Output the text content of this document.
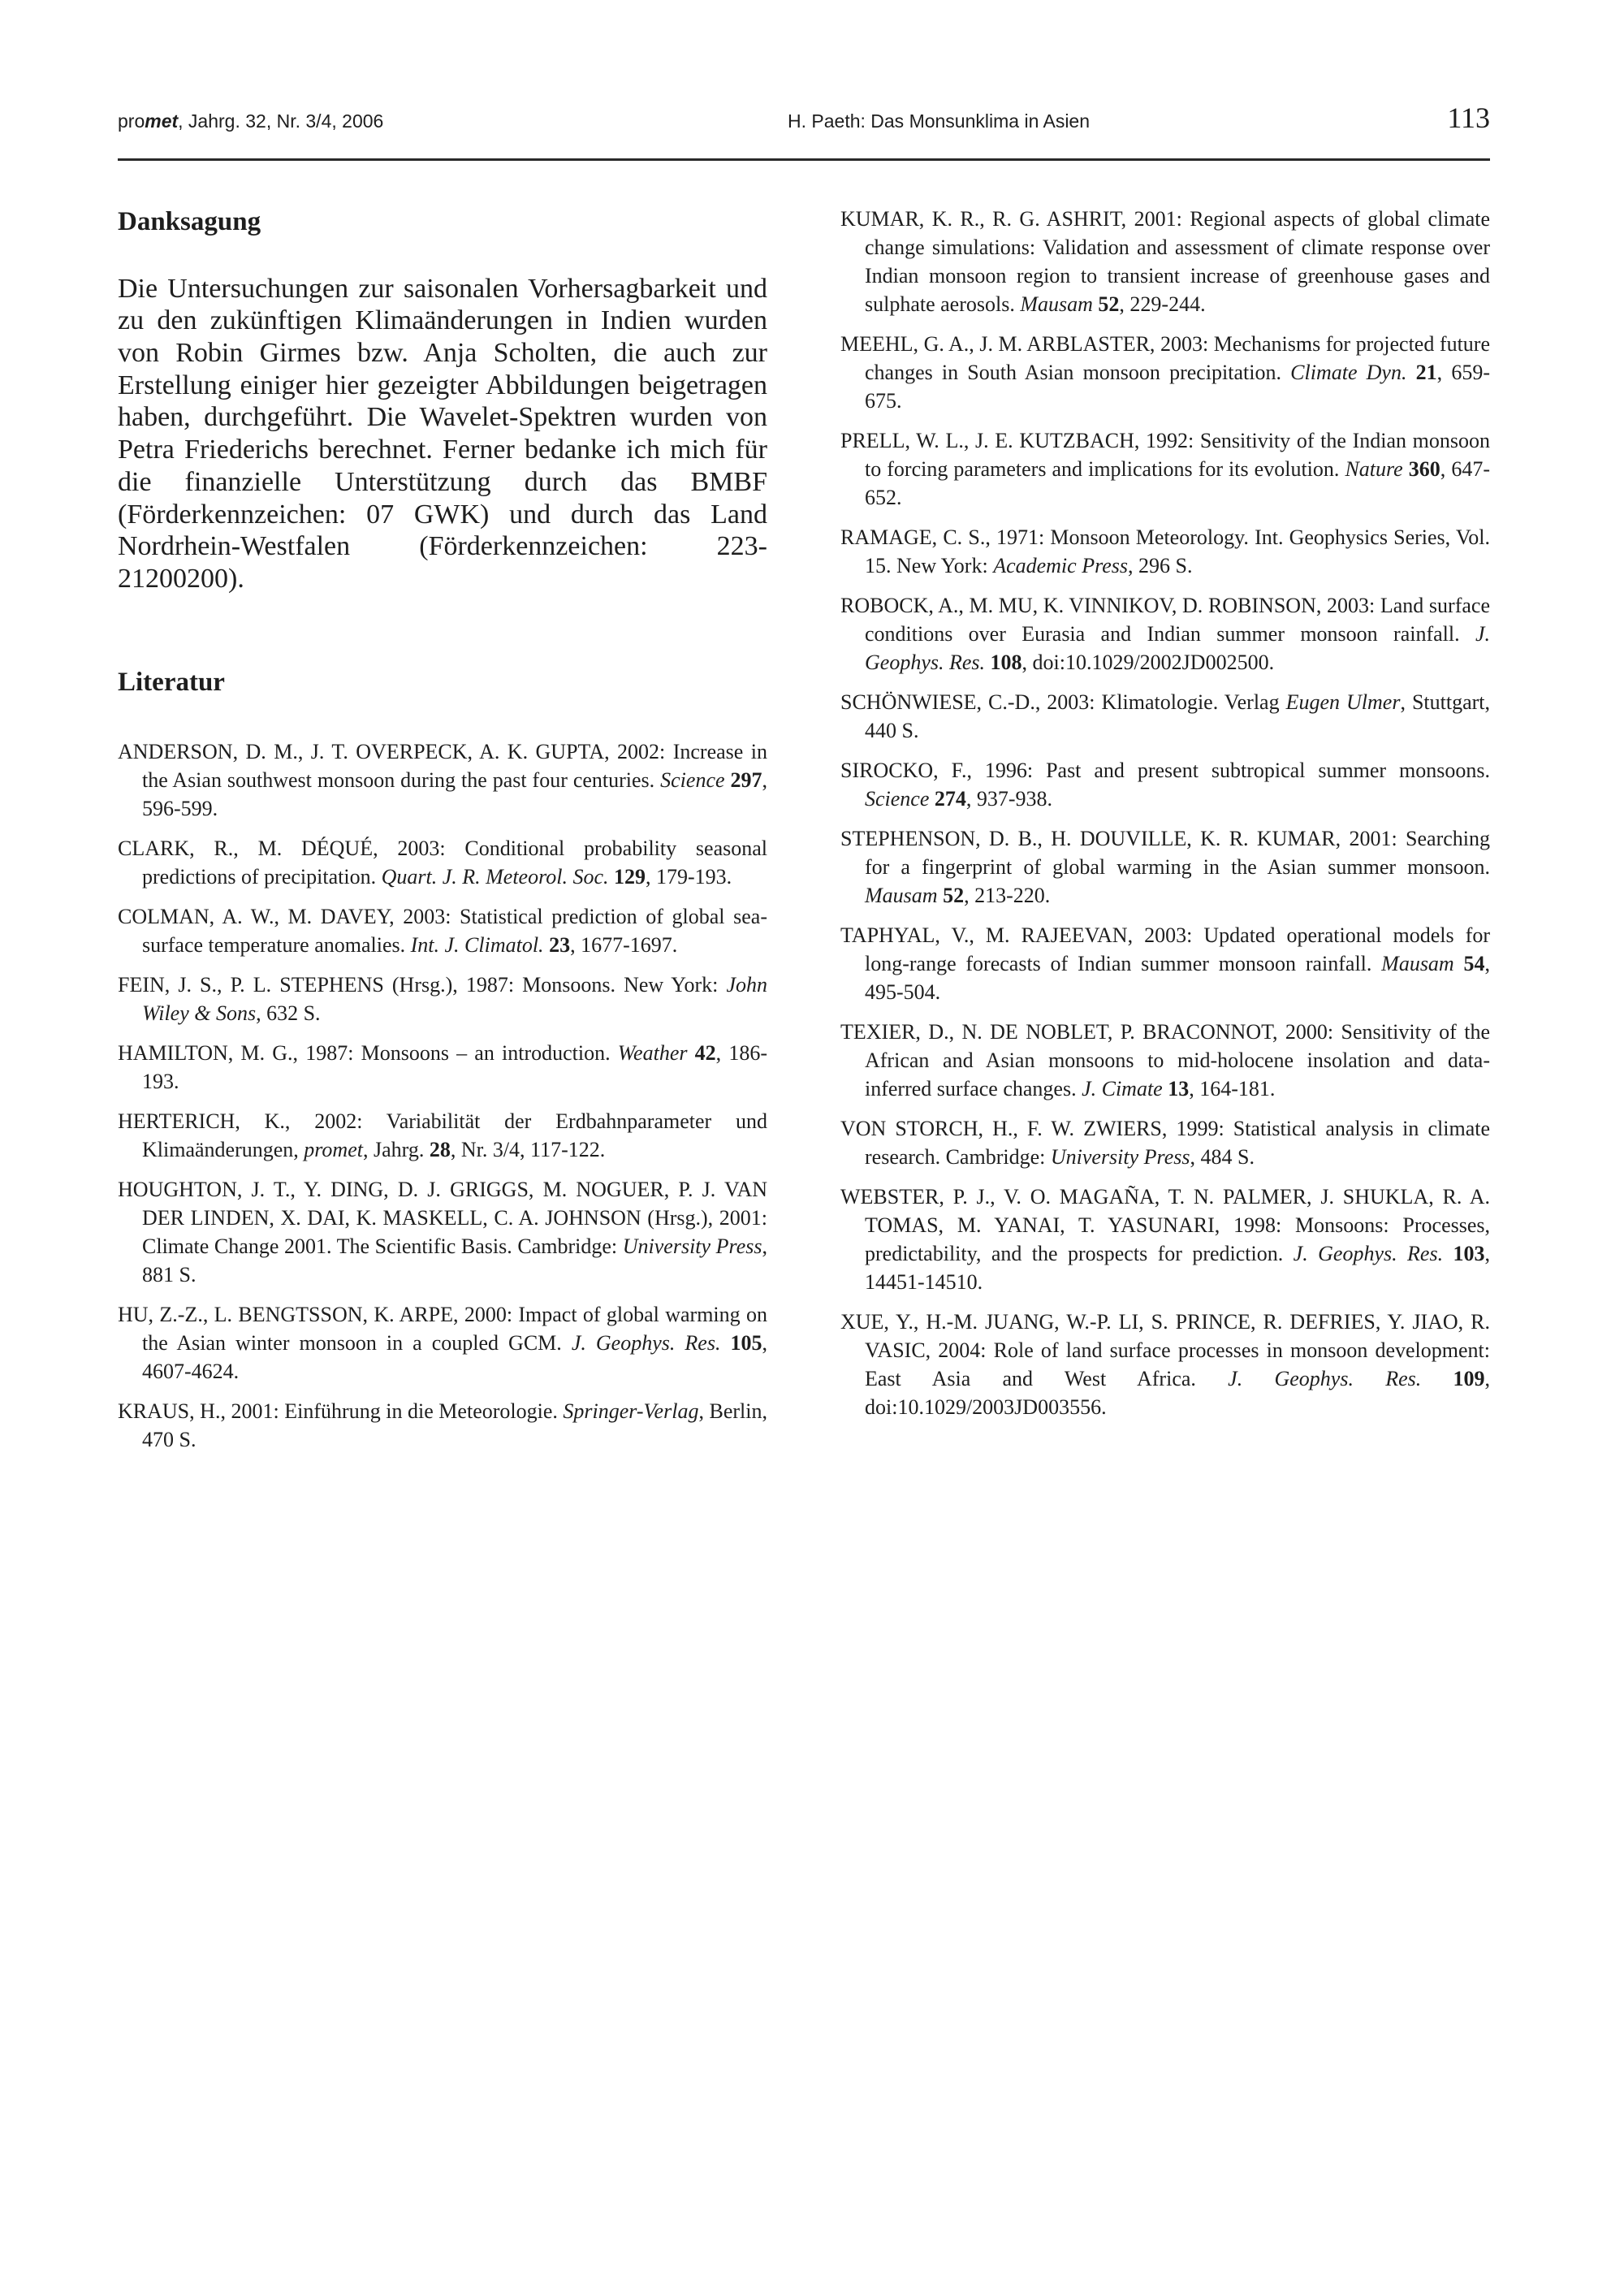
promet, Jahrg. 32, Nr. 3/4, 2006	H. Paeth: Das Monsunklima in Asien	113
Danksagung

Die Untersuchungen zur saisonalen Vorhersagbarkeit und zu den zukünftigen Klimaänderungen in Indien wurden von Robin Girmes bzw. Anja Scholten, die auch zur Erstellung einiger hier gezeigter Abbildungen beigetragen haben, durchgeführt. Die Wavelet-Spektren wurden von Petra Friederichs berechnet. Ferner bedanke ich mich für die finanzielle Unterstützung durch das BMBF (Förderkennzeichen: 07 GWK) und durch das Land Nordrhein-Westfalen (Förderkennzeichen: 223-21200200).

Literatur

ANDERSON, D. M., J. T. OVERPECK, A. K. GUPTA, 2002: Increase in the Asian southwest monsoon during the past four centuries. Science 297, 596-599.

CLARK, R., M. DÉQUÉ, 2003: Conditional probability seasonal predictions of precipitation. Quart. J. R. Meteorol. Soc. 129, 179-193.

COLMAN, A. W., M. DAVEY, 2003: Statistical prediction of global sea-surface temperature anomalies. Int. J. Climatol. 23, 1677-1697.

FEIN, J. S., P. L. STEPHENS (Hrsg.), 1987: Monsoons. New York: John Wiley & Sons, 632 S.

HAMILTON, M. G., 1987: Monsoons – an introduction. Weather 42, 186-193.

HERTERICH, K., 2002: Variabilität der Erdbahnparameter und Klimaänderungen, promet, Jahrg. 28, Nr. 3/4, 117-122.

HOUGHTON, J. T., Y. DING, D. J. GRIGGS, M. NOGUER, P. J. VAN DER LINDEN, X. DAI, K. MASKELL, C. A. JOHNSON (Hrsg.), 2001: Climate Change 2001. The Scientific Basis. Cambridge: University Press, 881 S.

HU, Z.-Z., L. BENGTSSON, K. ARPE, 2000: Impact of global warming on the Asian winter monsoon in a coupled GCM. J. Geophys. Res. 105, 4607-4624.

KRAUS, H., 2001: Einführung in die Meteorologie. Springer-Verlag, Berlin, 470 S.

KUMAR, K. R., R. G. ASHRIT, 2001: Regional aspects of global climate change simulations: Validation and assessment of climate response over Indian monsoon region to transient increase of greenhouse gases and sulphate aerosols. Mausam 52, 229-244.

MEEHL, G. A., J. M. ARBLASTER, 2003: Mechanisms for projected future changes in South Asian monsoon precipitation. Climate Dyn. 21, 659-675.

PRELL, W. L., J. E. KUTZBACH, 1992: Sensitivity of the Indian monsoon to forcing parameters and implications for its evolution. Nature 360, 647-652.

RAMAGE, C. S., 1971: Monsoon Meteorology. Int. Geophysics Series, Vol. 15. New York: Academic Press, 296 S.

ROBOCK, A., M. MU, K. VINNIKOV, D. ROBINSON, 2003: Land surface conditions over Eurasia and Indian summer monsoon rainfall. J. Geophys. Res. 108, doi:10.1029/2002JD002500.

SCHÖNWIESE, C.-D., 2003: Klimatologie. Verlag Eugen Ulmer, Stuttgart, 440 S.

SIROCKO, F., 1996: Past and present subtropical summer monsoons. Science 274, 937-938.

STEPHENSON, D. B., H. DOUVILLE, K. R. KUMAR, 2001: Searching for a fingerprint of global warming in the Asian summer monsoon. Mausam 52, 213-220.

TAPHYAL, V., M. RAJEEVAN, 2003: Updated operational models for long-range forecasts of Indian summer monsoon rainfall. Mausam 54, 495-504.

TEXIER, D., N. DE NOBLET, P. BRACONNOT, 2000: Sensitivity of the African and Asian monsoons to mid-holocene insolation and data-inferred surface changes. J. Cimate 13, 164-181.

VON STORCH, H., F. W. ZWIERS, 1999: Statistical analysis in climate research. Cambridge: University Press, 484 S.

WEBSTER, P. J., V. O. MAGAÑA, T. N. PALMER, J. SHUKLA, R. A. TOMAS, M. YANAI, T. YASUNARI, 1998: Monsoons: Processes, predictability, and the prospects for prediction. J. Geophys. Res. 103, 14451-14510.

XUE, Y., H.-M. JUANG, W.-P. LI, S. PRINCE, R. DEFRIES, Y. JIAO, R. VASIC, 2004: Role of land surface processes in monsoon development: East Asia and West Africa. J. Geophys. Res. 109, doi:10.1029/2003JD003556.
